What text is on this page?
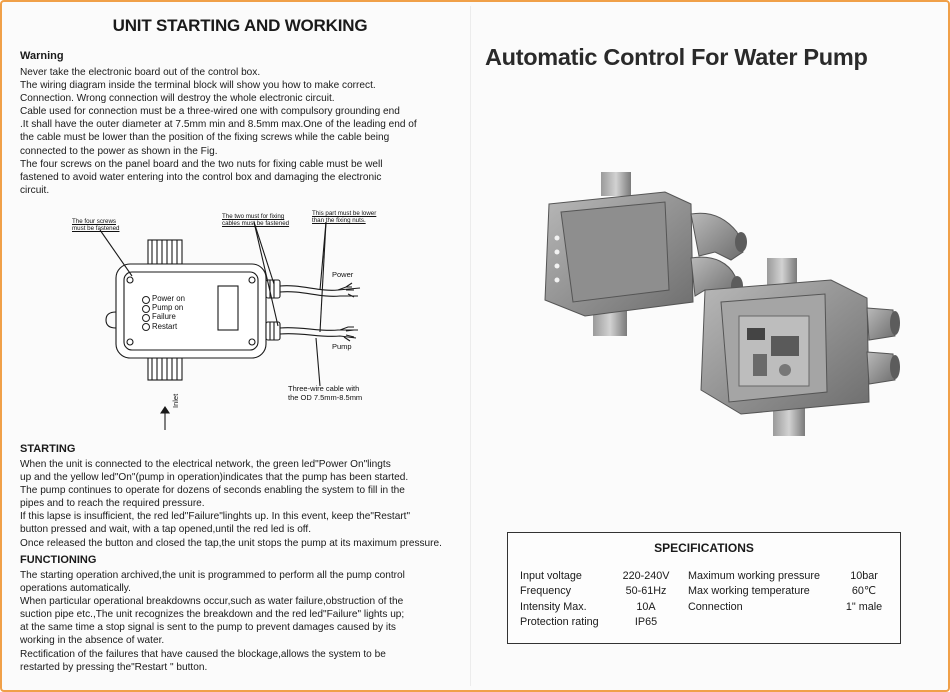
UNIT STARTING AND WORKING
Warning
Never take the electronic board out of the control box.
The wiring diagram inside the terminal block will show you how to make correct.
Connection. Wrong connection will destroy the whole electronic circuit.
Cable used for connection must be a three-wired one with compulsory grounding end
.It shall have the outer diameter at 7.5mm min and 8.5mm max.One of the leading end of
the cable must be lower than the position of the fixing screws while the cable being
connected to the power as shown in the Fig.
The four screws on the panel board and the two nuts for fixing cable must be well
fastened to avoid water entering into the control box and damaging the electronic
circuit.
The four screws
must be fastened
The two must for fixing
cables must be fastened
This part must be lower
than the fixing nuts.
Power
Pump
Three-wire cable with
the OD 7.5mm-8.5mm
Inlet
Power on
Pump on
Failure
Restart
STARTING
When the unit is connected to the electrical network, the green led"Power On"lingts
up and the yellow led"On"(pump in operation)indicates that the pump has been started.
The pump continues to operate for dozens of seconds enabling the system to fill in the
pipes and to reach the required pressure.
If this lapse is insufficient, the red led"Failure"linghts up. In this event, keep the"Restart"
button pressed and wait, with a tap opened,until the red led is off.
Once released the button and closed the tap,the unit stops the pump at its maximum pressure.
FUNCTIONING
The starting operation archived,the unit is programmed to perform all the pump control
operations automatically.
When particular operational breakdowns occur,such as water failure,obstruction of the
suction pipe etc.,The unit recognizes the breakdown and the red led"Failure" lights up;
at the same time a stop signal is sent to the pump to prevent damages caused by its
working in the absence of water.
Rectification of the failures that have caused the blockage,allows the system to be
restarted by pressing the"Restart " button.
Automatic Control For Water Pump
SPECIFICATIONS
Input voltage
Frequency
Intensity Max.
Protection rating
220-240V
50-61Hz
10A
IP65
Maximum working pressure
Max working temperature
Connection
10bar
60℃
1" male
